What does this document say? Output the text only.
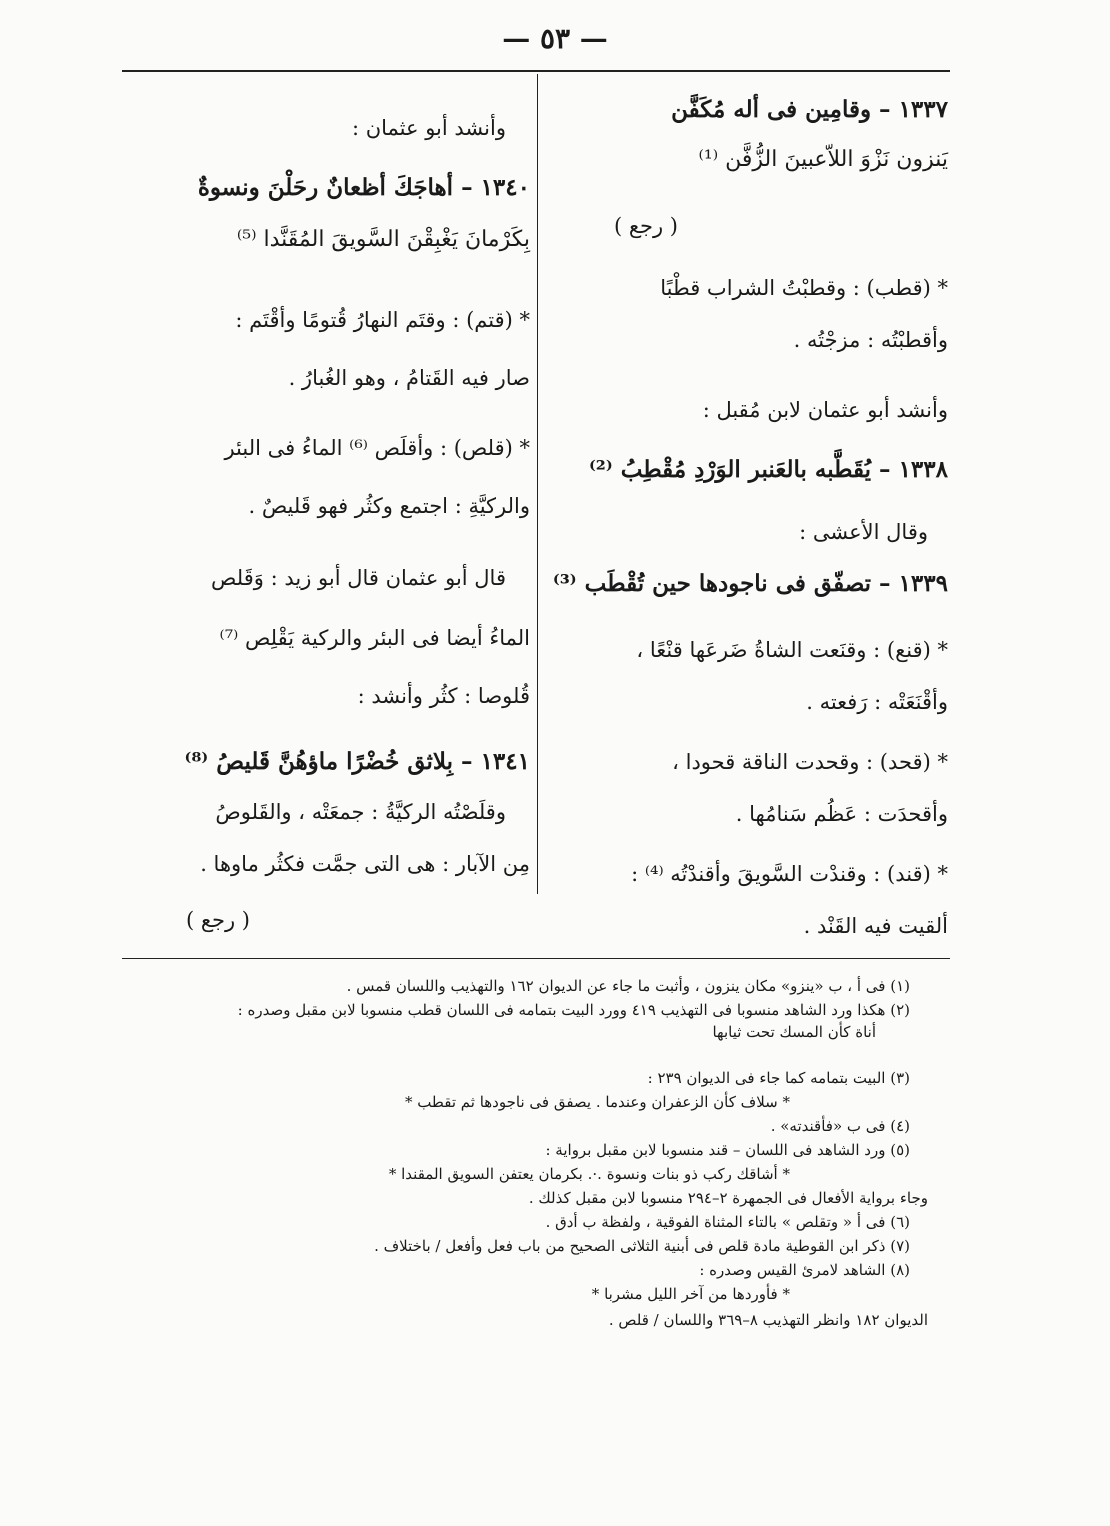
— ٥٣ —
١٣٣٧ – وقامِين فى أله مُكَفَّن
يَنزون نَزْوَ اللاّعبينَ الزُّفَّن ⁽¹⁾
( رجع )
* (قطب) : وقطبْتُ الشراب قطْبًا
وأقطبْتُه : مزجْتُه .
وأنشد أبو عثمان لابن مُقبل :
١٣٣٨ – يُقَطَّبه بالعَنبر الوَرْدِ مُقْطِبُ ⁽²⁾
وقال الأعشى :
١٣٣٩ – تصفّق فى ناجودها حين تُقْطَب ⁽³⁾
* (قنع) : وقنَعت الشاةُ ضَرعَها قنْعًا ،
وأقْنَعَتْه : رَفعته .
* (قحد) : وقحدت الناقة قحودا ،
وأقحدَت : عَظُم سَنامُها .
* (قند) : وقندْت السَّويقَ وأقندْتُه ⁽⁴⁾ :
ألقيت فيه القَنْد .
وأنشد أبو عثمان :
١٣٤٠ – أهاجَكَ أظعانٌ رحَلْنَ ونسوةٌ
بِكَرْمانَ يَغْبِقْنَ السَّويقَ المُقَنَّدا ⁽⁵⁾
* (قتم) : وقتَم النهارُ قُتومًا وأقْتَم :
صار فيه القَتامُ ، وهو الغُبارُ .
* (قلص) : وأقلَص ⁽⁶⁾ الماءُ فى البئر
والركيَّةِ : اجتمع وكثُر فهو قَليصٌ .
قال أبو عثمان قال أبو زيد : وَقَلص
الماءُ أيضا فى البئر والركية يَقْلِص ⁽⁷⁾
قُلوصا : كثُر وأنشد :
١٣٤١ – بِلاثق خُضْرًا ماؤهُنَّ قَليصُ ⁽⁸⁾
وقلَصْتُه الركيَّةُ : جمعَتْه ، والقَلوصُ
مِن الآبار : هى التى جمَّت فكثُر ماوها .
( رجع )
(١) فى أ ، ب «ينزو» مكان ينزون ، وأثبت ما جاء عن الديوان ١٦٢ والتهذيب واللسان قمس .
(٢) هكذا ورد الشاهد منسوبا فى التهذيب ٤١٩ وورد البيت بتمامه فى اللسان قطب منسوبا لابن مقبل وصدره :
أناة كأن المسك تحت ثيابها
(٣) البيت بتمامه كما جاء فى الديوان ٢٣٩ :
* سلاف كأن الزعفران وعندما . يصفق فى ناجودها ثم تقطب *
(٤) فى ب «فأقندته» .
(٥) ورد الشاهد فى اللسان – قند منسوبا لابن مقبل برواية :
* أشاقك ركب ذو بنات ونسوة .·. بكرمان يعتفن السويق المقندا *
وجاء برواية الأفعال فى الجمهرة ٢–٢٩٤ منسوبا لابن مقبل كذلك .
(٦) فى أ « وتقلص » بالتاء المثناة الفوقية ، ولفظة ب أدق .
(٧) ذكر ابن القوطية مادة قلص فى أبنية الثلاثى الصحيح من باب فعل وأفعل / باختلاف .
(٨) الشاهد لامرئ القيس وصدره :
* فأوردها من آخر الليل مشربا *
الديوان ١٨٢ وانظر التهذيب ٨–٣٦٩ واللسان / قلص .
